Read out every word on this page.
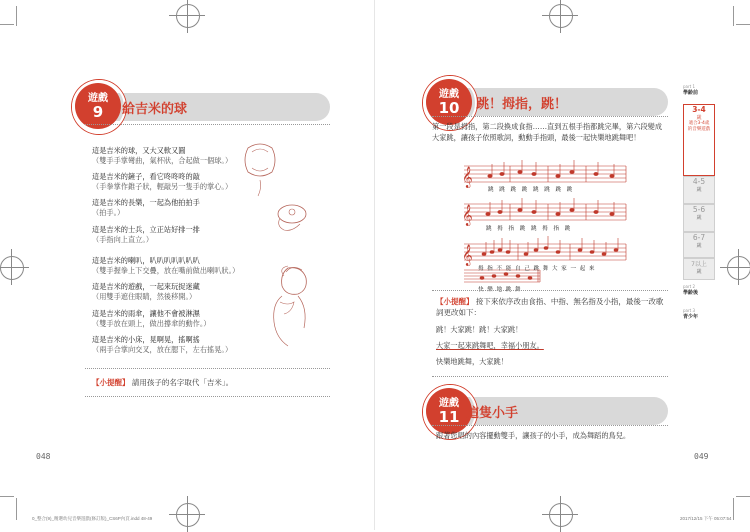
遊戲
9	給吉米的球
這是吉米的球，又大又軟又圓
（雙手手掌彎曲，氣杯狀，合起做一個球。）
這是吉米的鏟子，看它咚咚咚的敲
（手拳掌作錐子狀，輕敲另一隻手的掌心。）
這是吉米的長樂，一起為他拍拍手
（拍手。）
這是吉米的士兵，立正站好排一排
（手指向上直立。）
這是吉米的喇叭，叭叭叭叭叭叭叭
（雙手握拳上下交疊，放在嘴前做出喇叭狀。）
這是吉米的遊戲，一起來玩捉迷藏
（用雙手遮住眼睛，然後移開。）
這是吉米的雨傘，讓他不會被淋濕
（雙手放在頭上，做出撐傘的動作。）
這是吉米的小床，晃啊晃，搖啊搖
（兩手合掌向交叉，放在腮下，左右搖晃。）
【小提醒】 請用孩子的名字取代「吉米」。
048
0_整合(9)_精選幼兒音樂遊戲(修訂版)_CS6P內頁.indd 48-49
遊戲
10	跳！拇指，跳！
第一段是拇指，第二段換成食指……直到五根手指都跳完畢，第六段變成大家跳，讓孩子依照歌詞，動動手指頭，最後一起快樂地跳舞吧！
𝄞
𝄞
𝄞
跳 跳 跳 跳 跳 跳 跳 跳
跳 拇 指 跳 跳 拇 指 跳
拇 指 不 能 自 己 跳 舞 大 家 一 起 來
快 樂 地 跳 舞
【小提醒】 接下來依序改由食指、中指、無名指及小指，最後一改歌詞更改如下：
跳！大家跳！跳！大家跳！
大家一起來跳舞吧，幸福小朋友。
快樂地跳舞，大家跳！
遊戲
11 這隻小手
跟著您唱的內容擺動雙手，讓孩子的小手，成為舞蹈的鳥兒。
part 1
學齡前
3-4
歲
適合3-4歲的音樂遊戲
4-5
歲
5-6
歲
6-7
歲
7以上
歲
part 2
學齡後
part 3
青少年
049
2017/12/15 下午 05:07:54
